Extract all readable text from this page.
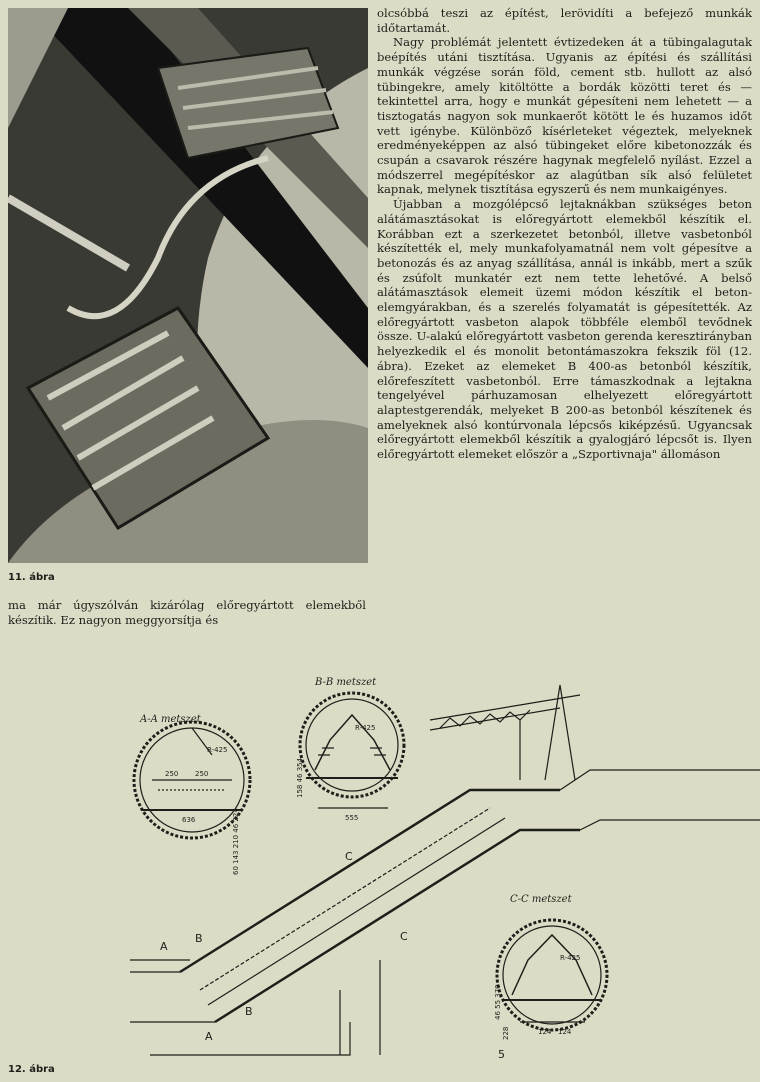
11. ábra

olcsóbbá teszi az építést, lerövidíti a befejező munkák időtartamát.

Nagy problémát jelentett évtizedeken át a tübingalagutak beépítés utáni tisztítása. Ugyanis az építési és szállítási munkák végzése során föld, cement stb. hullott az alsó tübingekre, amely kitöltötte a bordák közötti teret és — tekintettel arra, hogy e munkát gépesíteni nem lehetett — a tisztogatás nagyon sok munkaerőt kötött le és huzamos időt vett igénybe. Különböző kísérleteket végeztek, melyeknek eredményeképpen az alsó tübingeket előre kibetonozzák és csupán a csavarok részére hagynak megfelelő nyílást. Ezzel a módszerrel megépítéskor az alagútban sík alsó felületet kapnak, melynek tisztítása egyszerű és nem munkaigényes.

Újabban a mozgólépcső lejtaknákban szükséges beton alátámasztásokat is előregyártott elemekből készítik el. Korábban ezt a szerkezetet betonból, illetve vasbetonból készítették el, mely munkafolyamatnál nem volt gépesítve a betonozás és az anyag szállítása, annál is inkább, mert a szűk és zsúfolt munkatér ezt nem tette lehetővé. A belső alátámasztások elemeit üzemi módon készítik el beton-elemgyárakban, és a szerelés folyamatát is gépesítették. Az előregyártott vasbeton alapok többféle elemből tevődnek össze. U-alakú előregyártott vasbeton gerenda keresztirányban helyezkedik el és monolit betontámaszokra fekszik föl (12. ábra). Ezeket az elemeket B 400-as betonból készítik, előrefeszített vasbetonból. Erre támaszkodnak a lejtakna tengelyével párhuzamosan elhelyezett előregyártott alaptestgerendák, melyeket B 200-as betonból készítenek és amelyeknek alsó kontúrvonala lépcsős kiképzésű. Ugyancsak előregyártott elemekből készítik a gyalogjáró lépcsőt is. Ilyen előregyártott elemeket először a „Szportivnaja" állomáson

ma már úgyszólván kizárólag előregyártott elemekből készítik. Ez nagyon meggyorsítja és

A-A metszet
B-B metszet
C-C metszet
A
B
C
C
A
B
R-425
250 250
636	60 143 210 46 224
R-425
555
158 46 354
R-425
124 124
46 55 370
228
5
12. ábra
